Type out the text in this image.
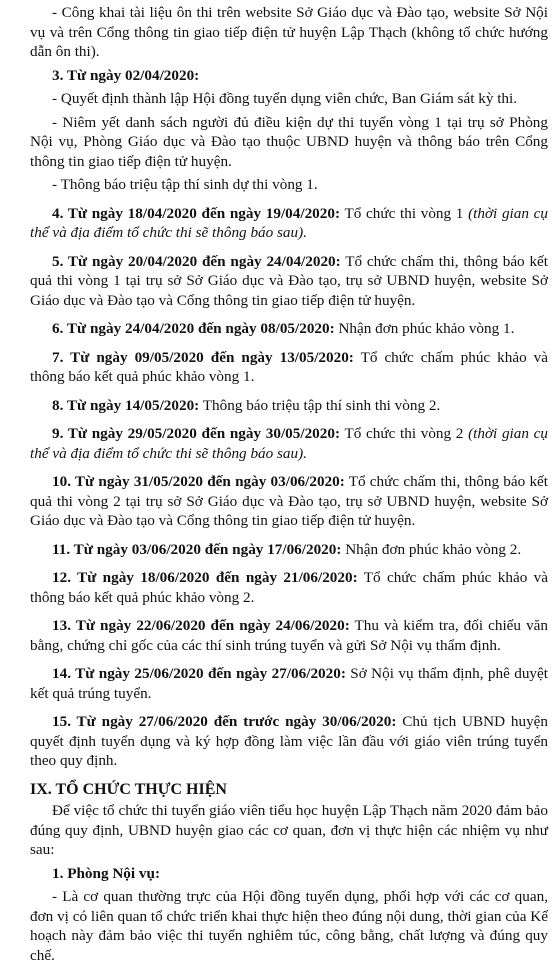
- Công khai tài liệu ôn thi trên website Sở Giáo dục và Đào tạo, website Sở Nội vụ và trên Cổng thông tin giao tiếp điện tử huyện Lập Thạch (không tổ chức hướng dẫn ôn thi).

3. Từ ngày 02/04/2020:

- Quyết định thành lập Hội đồng tuyển dụng viên chức, Ban Giám sát kỳ thi.

- Niêm yết danh sách người đủ điều kiện dự thi tuyển vòng 1 tại trụ sở Phòng Nội vụ, Phòng Giáo dục và Đào tạo thuộc UBND huyện và thông báo trên Cổng thông tin giao tiếp điện tử huyện.

- Thông báo triệu tập thí sinh dự thi vòng 1.

4. Từ ngày 18/04/2020 đến ngày 19/04/2020: Tổ chức thi vòng 1 (thời gian cụ thể và địa điểm tổ chức thi sẽ thông báo sau).

5. Từ ngày 20/04/2020 đến ngày 24/04/2020: Tổ chức chấm thi, thông báo kết quả thi vòng 1 tại trụ sở Sở Giáo dục và Đào tạo, trụ sở UBND huyện, website Sở Giáo dục và Đào tạo và Cổng thông tin giao tiếp điện tử huyện.

6. Từ ngày 24/04/2020 đến ngày 08/05/2020: Nhận đơn phúc khảo vòng 1.

7. Từ ngày 09/05/2020 đến ngày 13/05/2020: Tổ chức chấm phúc khảo và thông báo kết quả phúc khảo vòng 1.

8. Từ ngày 14/05/2020: Thông báo triệu tập thí sinh thi vòng 2.

9. Từ ngày 29/05/2020 đến ngày 30/05/2020: Tổ chức thi vòng 2 (thời gian cụ thể và địa điểm tổ chức thi sẽ thông báo sau).

10. Từ ngày 31/05/2020 đến ngày 03/06/2020: Tổ chức chấm thi, thông báo kết quả thi vòng 2 tại trụ sở Sở Giáo dục và Đào tạo, trụ sở UBND huyện, website Sở Giáo dục và Đào tạo và Cổng thông tin giao tiếp điện tử huyện.

11. Từ ngày 03/06/2020 đến ngày 17/06/2020: Nhận đơn phúc khảo vòng 2.

12. Từ ngày 18/06/2020 đến ngày 21/06/2020: Tổ chức chấm phúc khảo và thông báo kết quả phúc khảo vòng 2.

13. Từ ngày 22/06/2020 đến ngày 24/06/2020: Thu và kiểm tra, đối chiếu văn bằng, chứng chỉ gốc của các thí sinh trúng tuyển và gửi Sở Nội vụ thẩm định.

14. Từ ngày 25/06/2020 đến ngày 27/06/2020: Sở Nội vụ thẩm định, phê duyệt kết quả trúng tuyển.

15. Từ ngày 27/06/2020 đến trước ngày 30/06/2020: Chủ tịch UBND huyện quyết định tuyển dụng và ký hợp đồng làm việc lần đầu với giáo viên trúng tuyển theo quy định.

IX. TỔ CHỨC THỰC HIỆN

Để việc tổ chức thi tuyển giáo viên tiểu học huyện Lập Thạch năm 2020 đảm bảo đúng quy định, UBND huyện giao các cơ quan, đơn vị thực hiện các nhiệm vụ như sau:

1. Phòng Nội vụ:

- Là cơ quan thường trực của Hội đồng tuyển dụng, phối hợp với các cơ quan, đơn vị có liên quan tổ chức triển khai thực hiện theo đúng nội dung, thời gian của Kế hoạch này đảm bảo việc thi tuyển nghiêm túc, công bằng, chất lượng và đúng quy chế.
